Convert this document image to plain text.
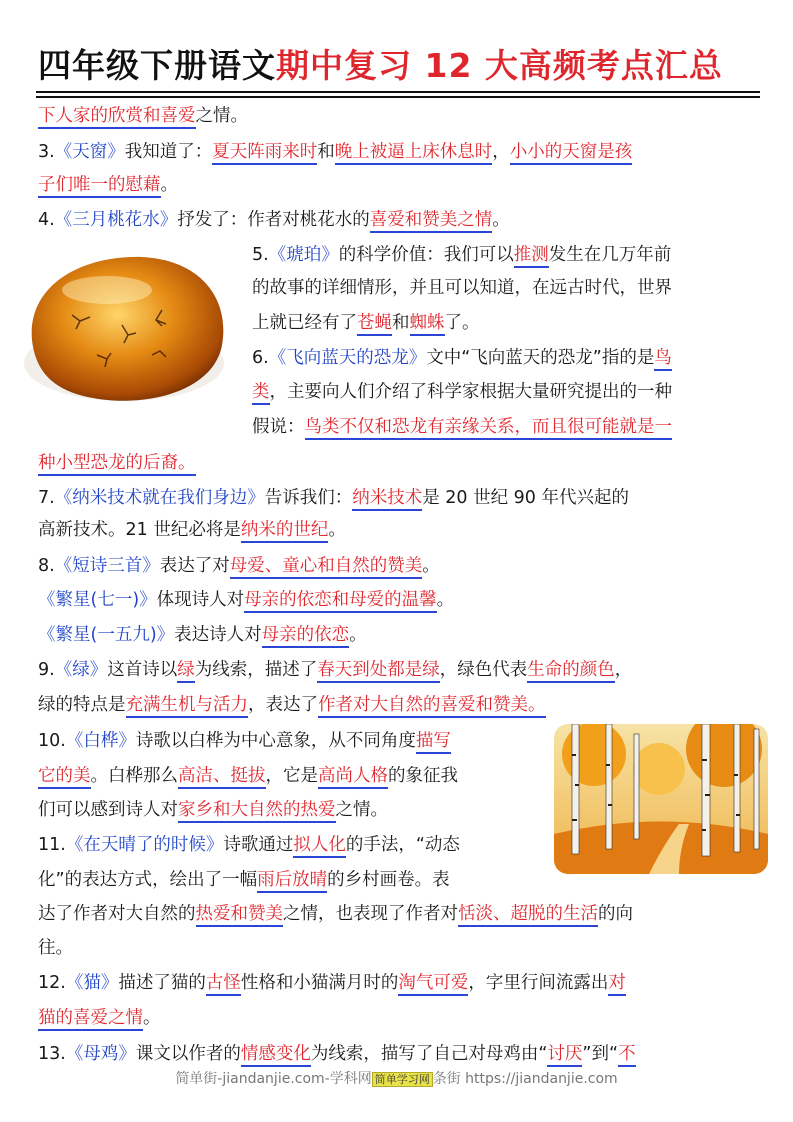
四年级下册语文期中复习 12 大高频考点汇总
下人家的欣赏和喜爱之情。
3.《天窗》我知道了：夏天阵雨来时和晚上被逼上床休息时，小小的天窗是孩
子们唯一的慰藉。
4.《三月桃花水》抒发了：作者对桃花水的喜爱和赞美之情。
5.《琥珀》的科学价值：我们可以推测发生在几万年前
的故事的详细情形，并且可以知道，在远古时代，世界
上就已经有了苍蝇和蜘蛛了。
6.《飞向蓝天的恐龙》文中“飞向蓝天的恐龙”指的是鸟
类，主要向人们介绍了科学家根据大量研究提出的一种
假说：鸟类不仅和恐龙有亲缘关系，而且很可能就是一
种小型恐龙的后裔。
7.《纳米技术就在我们身边》告诉我们：纳米技术是 20 世纪 90 年代兴起的
高新技术。21 世纪必将是纳米的世纪。
8.《短诗三首》表达了对母爱、童心和自然的赞美。
《繁星(七一)》体现诗人对母亲的依恋和母爱的温馨。
《繁星(一五九)》表达诗人对母亲的依恋。
9.《绿》这首诗以绿为线索，描述了春天到处都是绿，绿色代表生命的颜色，
绿的特点是充满生机与活力，表达了作者对大自然的喜爱和赞美。
10.《白桦》诗歌以白桦为中心意象，从不同角度描写
它的美。白桦那么高洁、挺拔，它是高尚人格的象征我
们可以感到诗人对家乡和大自然的热爱之情。
11.《在天晴了的时候》诗歌通过拟人化的手法，“动态
化”的表达方式，绘出了一幅雨后放晴的乡村画卷。表
达了作者对大自然的热爱和赞美之情，也表现了作者对恬淡、超脱的生活的向
往。
12.《猫》描述了猫的古怪性格和小猫满月时的淘气可爱，字里行间流露出对
猫的喜爱之情。
13.《母鸡》课文以作者的情感变化为线索，描写了自己对母鸡由“讨厌”到“不
简单街-jiandanjie.com-学科网 简单学习网 条街 https://jiandanjie.com
